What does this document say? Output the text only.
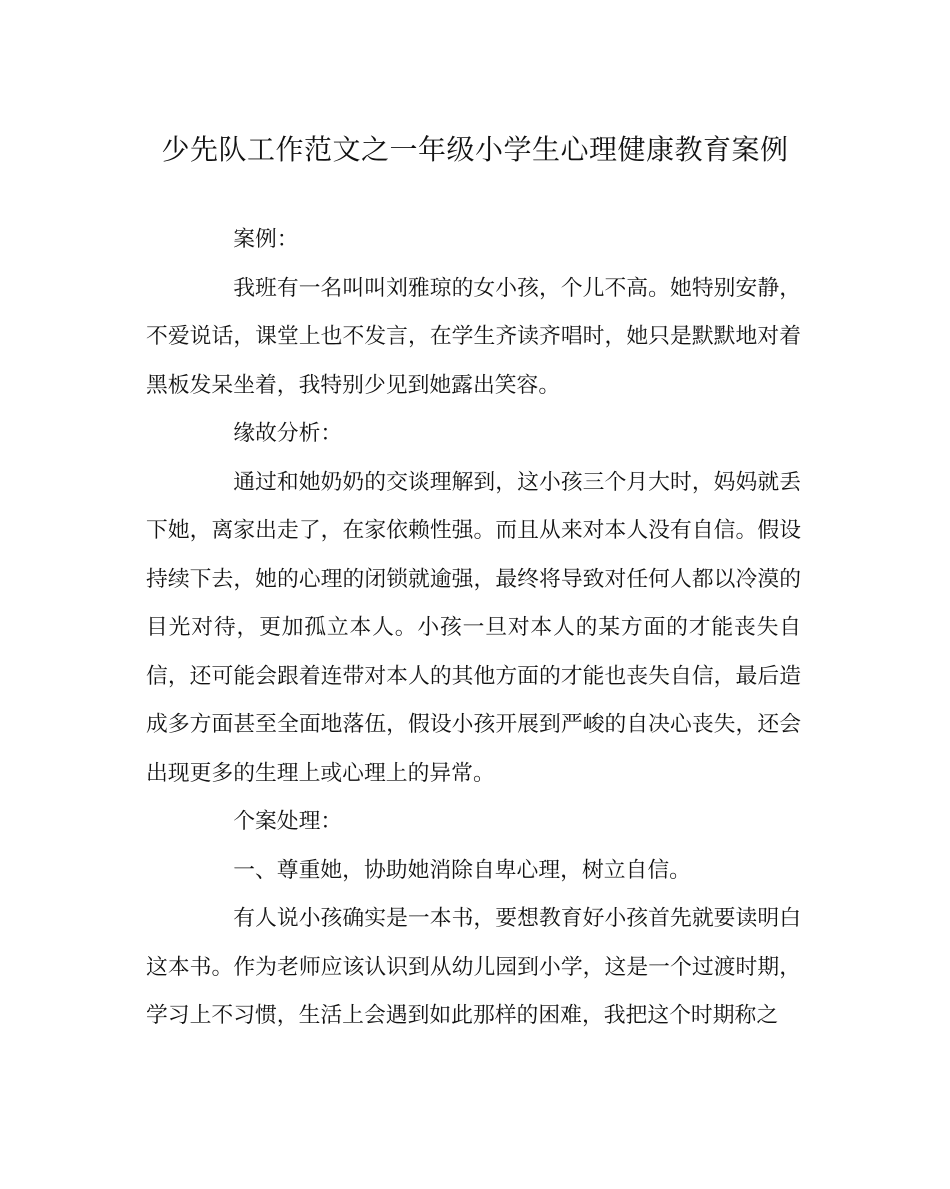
少先队工作范文之一年级小学生心理健康教育案例

案例：

我班有一名叫叫刘雅琼的女小孩，个儿不高。她特别安静，不爱说话，课堂上也不发言，在学生齐读齐唱时，她只是默默地对着黑板发呆坐着，我特别少见到她露出笑容。

缘故分析：

通过和她奶奶的交谈理解到，这小孩三个月大时，妈妈就丢下她，离家出走了，在家依赖性强。而且从来对本人没有自信。假设持续下去，她的心理的闭锁就逾强，最终将导致对任何人都以冷漠的目光对待，更加孤立本人。小孩一旦对本人的某方面的才能丧失自信，还可能会跟着连带对本人的其他方面的才能也丧失自信，最后造成多方面甚至全面地落伍，假设小孩开展到严峻的自决心丧失，还会出现更多的生理上或心理上的异常。

个案处理：

一、尊重她，协助她消除自卑心理，树立自信。

有人说小孩确实是一本书，要想教育好小孩首先就要读明白这本书。作为老师应该认识到从幼儿园到小学，这是一个过渡时期，学习上不习惯，生活上会遇到如此那样的困难，我把这个时期称之
